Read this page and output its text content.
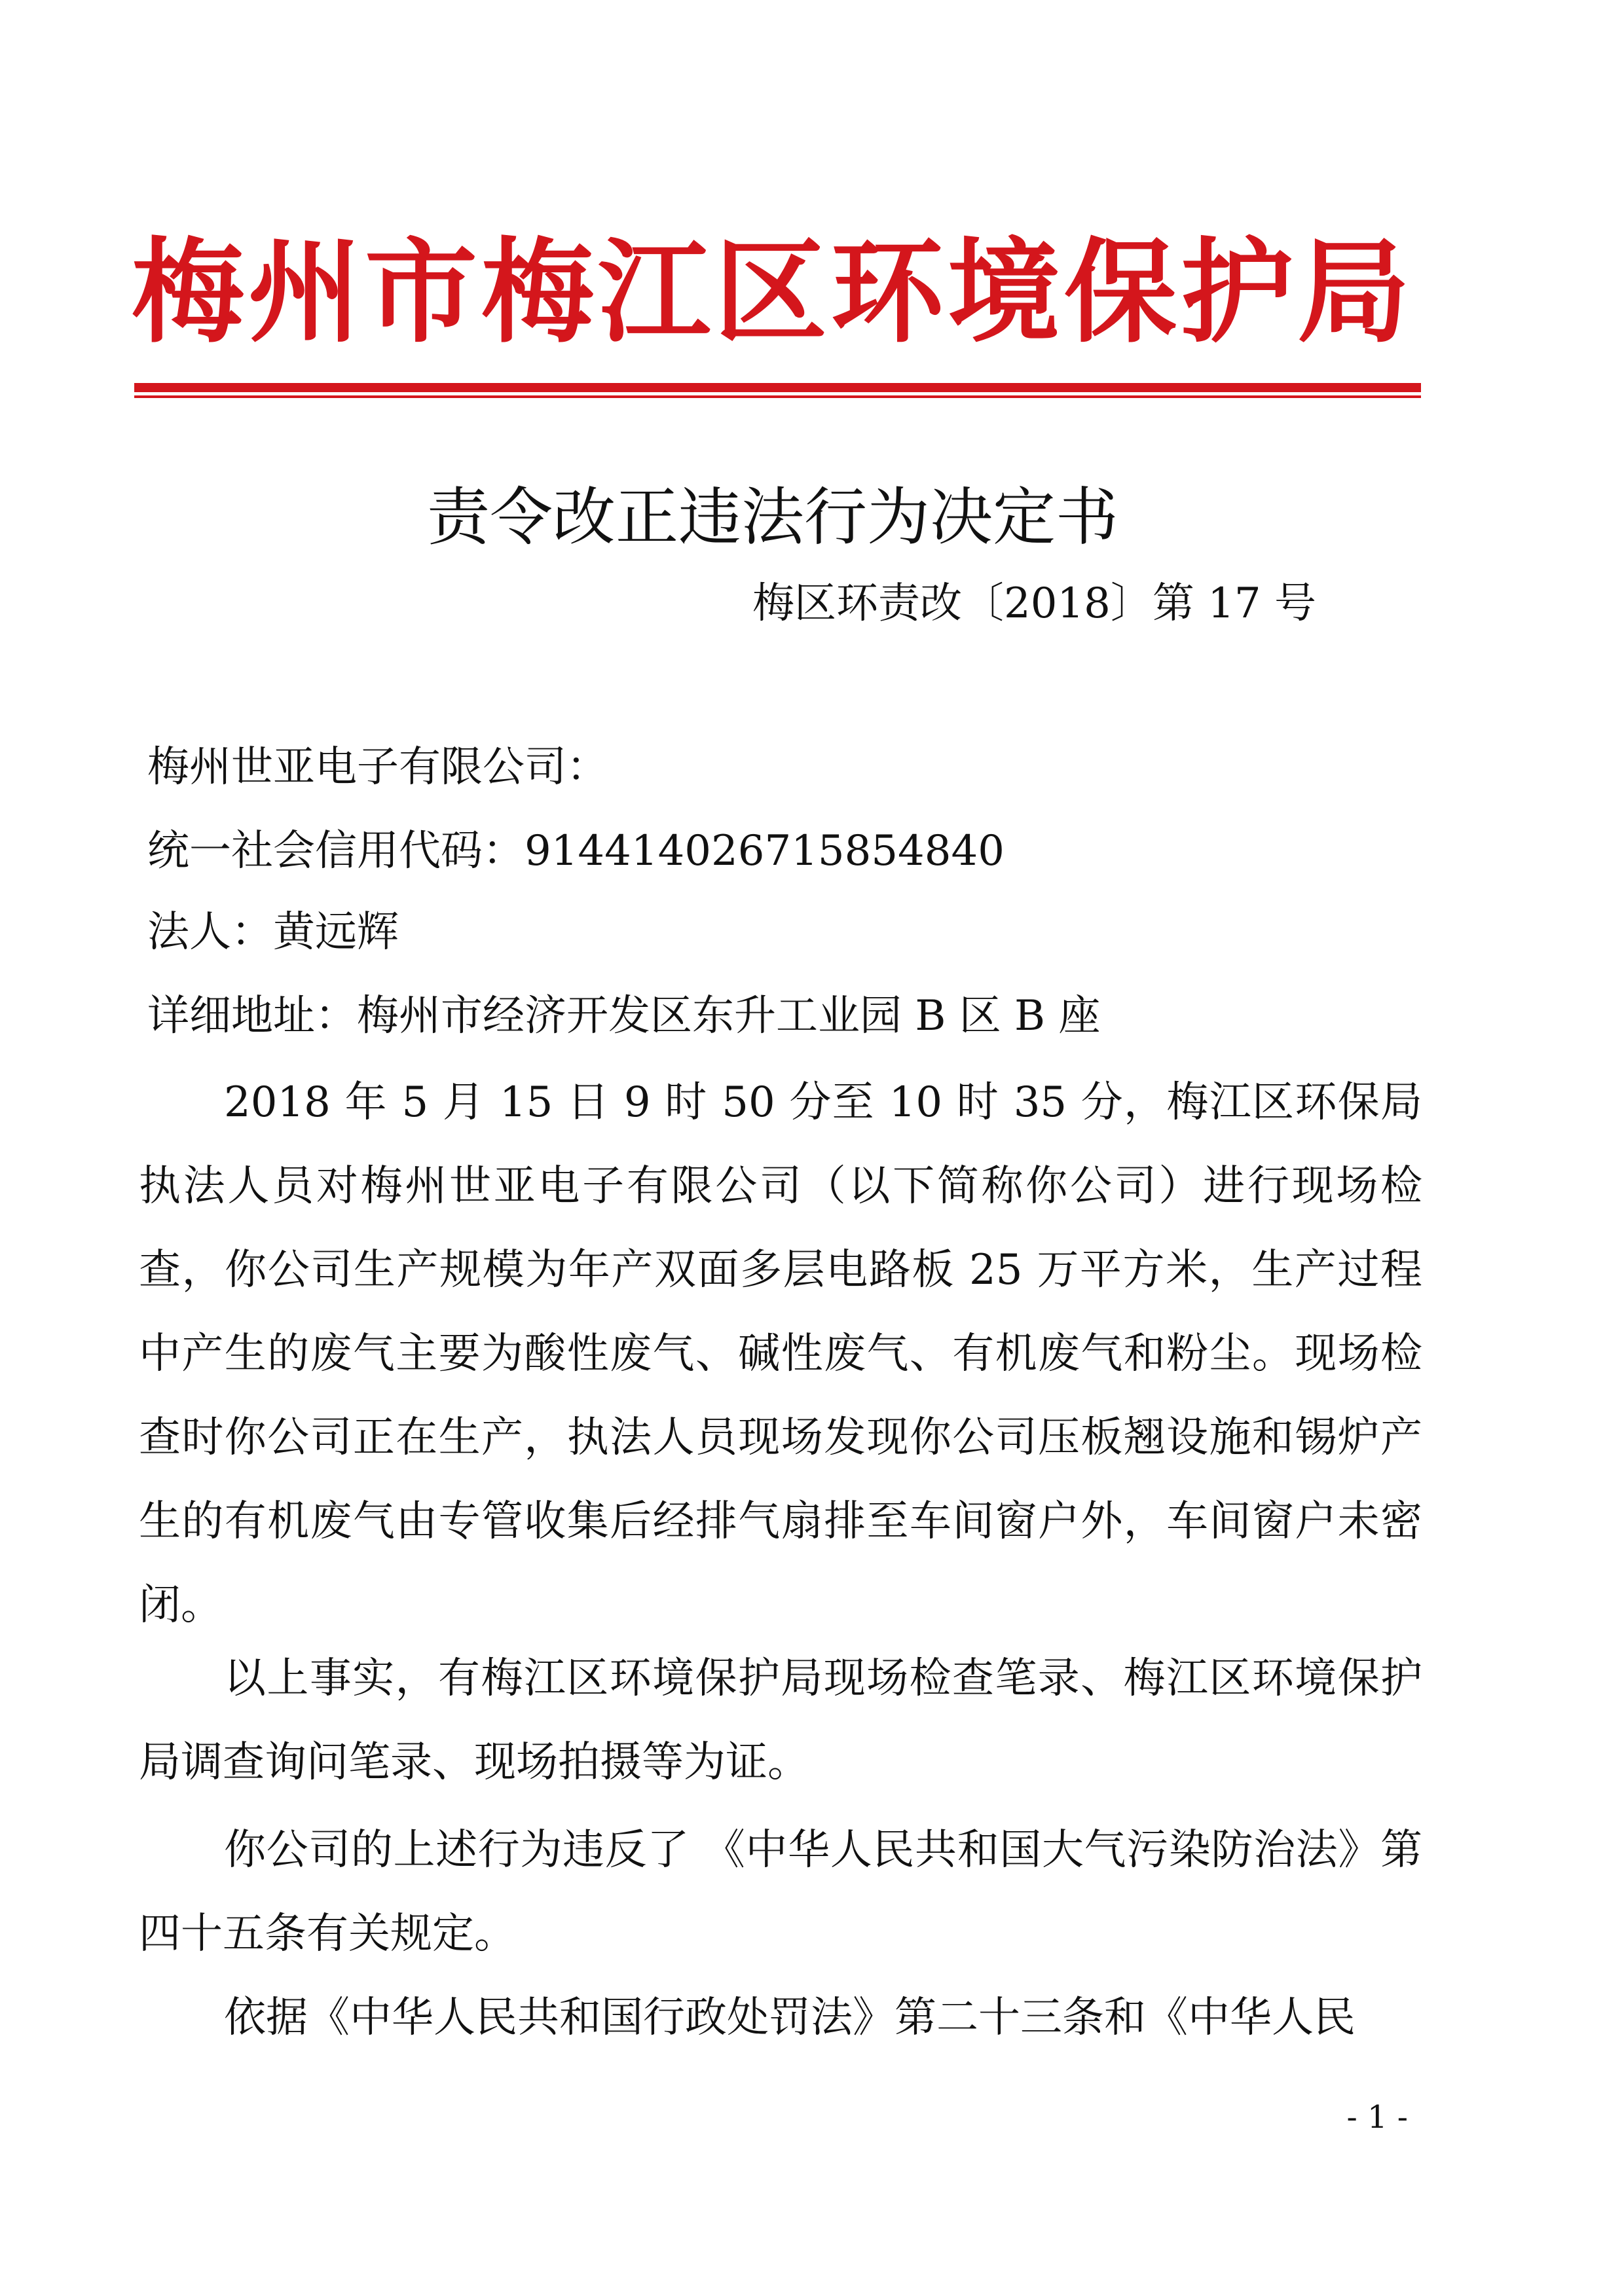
梅州市梅江区环境保护局
责令改正违法行为决定书
梅区环责改〔2018〕第 17 号
梅州世亚电子有限公司：
统一社会信用代码：914414026715854840
法人：黄远辉
详细地址：梅州市经济开发区东升工业园 B 区 B 座
2018 年 5 月 15 日 9 时 50 分至 10 时 35 分，梅江区环保局执法人员对梅州世亚电子有限公司（以下简称你公司）进行现场检查，你公司生产规模为年产双面多层电路板 25 万平方米，生产过程中产生的废气主要为酸性废气、碱性废气、有机废气和粉尘。现场检查时你公司正在生产，执法人员现场发现你公司压板翘设施和锡炉产生的有机废气由专管收集后经排气扇排至车间窗户外，车间窗户未密闭。
以上事实，有梅江区环境保护局现场检查笔录、梅江区环境保护局调查询问笔录、现场拍摄等为证。
你公司的上述行为违反了 《中华人民共和国大气污染防治法》第四十五条有关规定。
依据《中华人民共和国行政处罚法》第二十三条和《中华人民
- 1 -
